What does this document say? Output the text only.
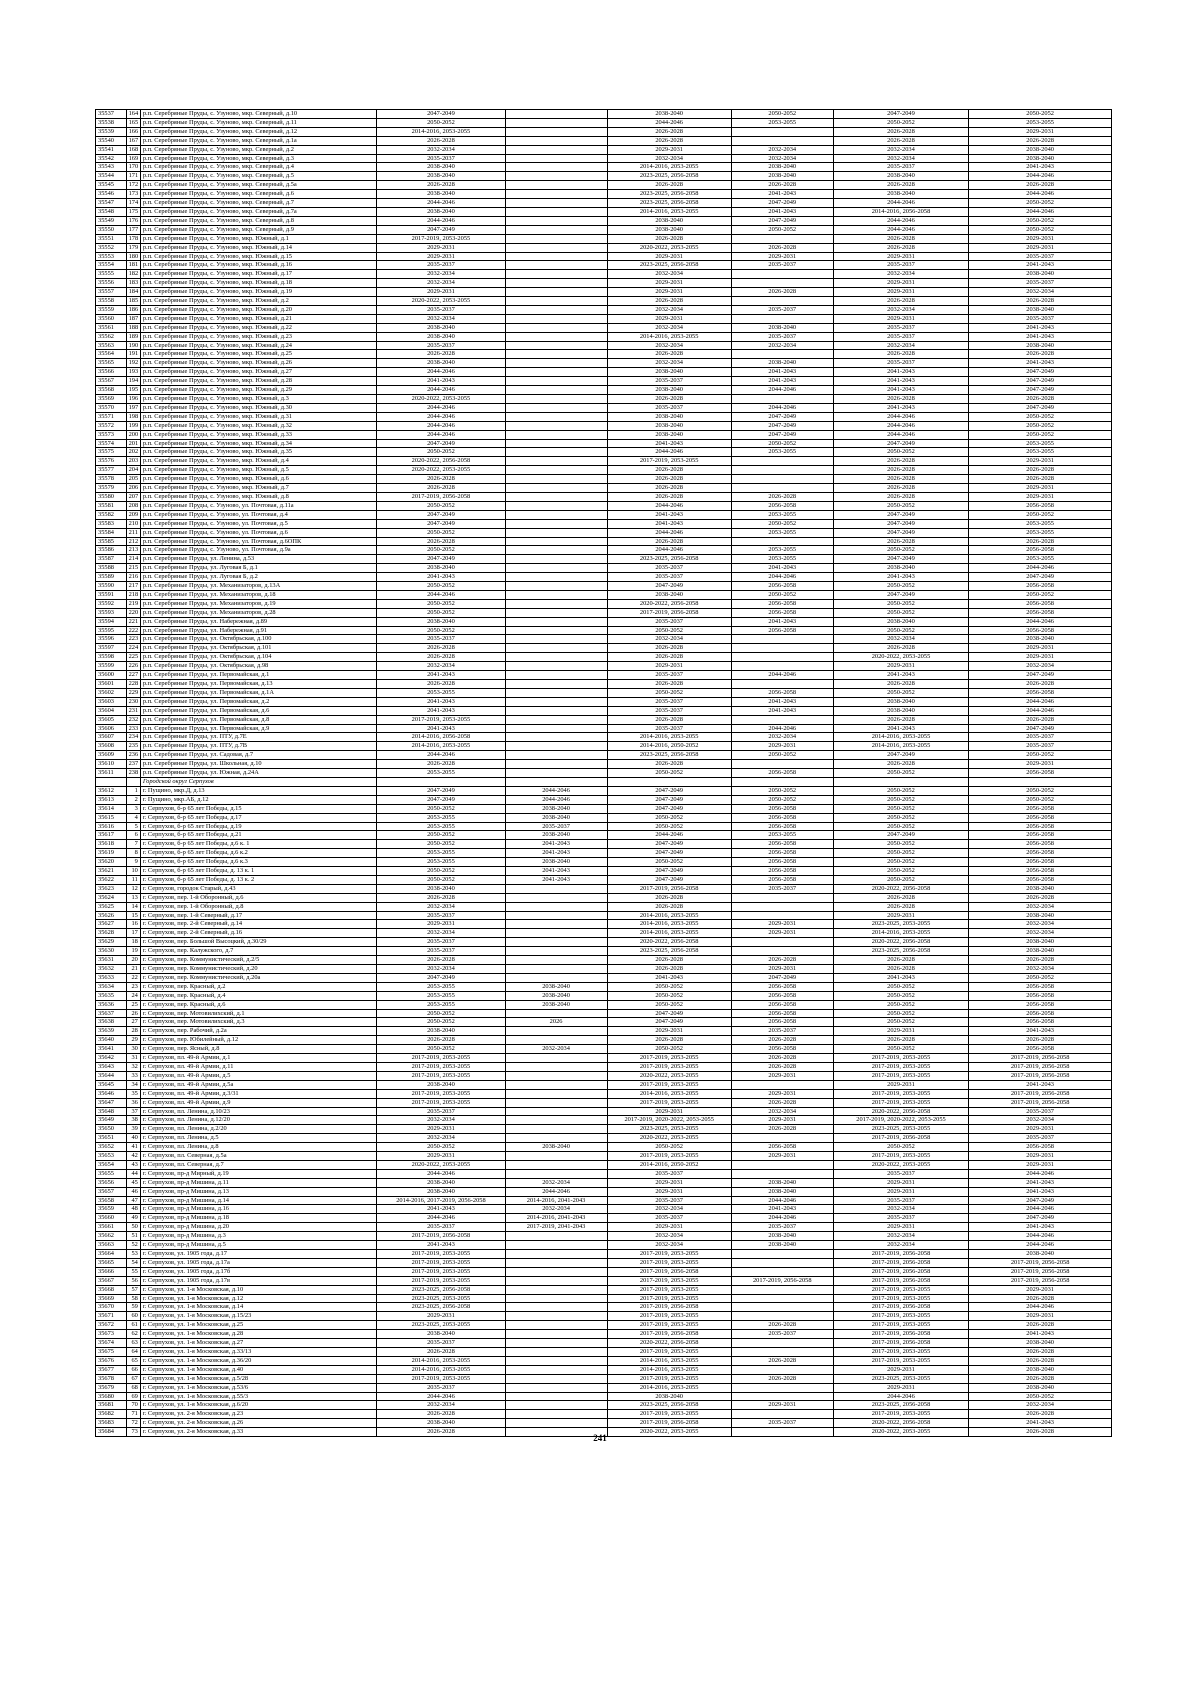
35537	164	р.п. Серебряные Пруды, с. Узуново, мкр. Северный, д.10	2047-2049		2038-2040	2050-2052	2047-2049	2050-2052
35538	165	р.п. Серебряные Пруды, с. Узуново, мкр. Северный, д.11	2050-2052		2044-2046	2053-2055	2050-2052	2053-2055
35539	166	р.п. Серебряные Пруды, с. Узуново, мкр. Северный, д.12	2014-2016, 2053-2055		2026-2028		2026-2028	2029-2031
35540	167	р.п. Серебряные Пруды, с. Узуново, мкр. Северный, д.1а	2026-2028		2026-2028		2026-2028	2026-2028
35541	168	р.п. Серебряные Пруды, с. Узуново, мкр. Северный, д.2	2032-2034		2029-2031	2032-2034	2032-2034	2038-2040
35542	169	р.п. Серебряные Пруды, с. Узуново, мкр. Северный, д.3	2035-2037		2032-2034	2032-2034	2032-2034	2038-2040
35543	170	р.п. Серебряные Пруды, с. Узуново, мкр. Северный, д.4	2038-2040		2014-2016, 2053-2055	2038-2040	2035-2037	2041-2043
35544	171	р.п. Серебряные Пруды, с. Узуново, мкр. Северный, д.5	2038-2040		2023-2025, 2056-2058	2038-2040	2038-2040	2044-2046
35545	172	р.п. Серебряные Пруды, с. Узуново, мкр. Северный, д.5а	2026-2028		2026-2028	2026-2028	2026-2028	2026-2028
35546	173	р.п. Серебряные Пруды, с. Узуново, мкр. Северный, д.6	2038-2040		2023-2025, 2056-2058	2041-2043	2038-2040	2044-2046
35547	174	р.п. Серебряные Пруды, с. Узуново, мкр. Северный, д.7	2044-2046		2023-2025, 2056-2058	2047-2049	2044-2046	2050-2052
35548	175	р.п. Серебряные Пруды, с. Узуново, мкр. Северный, д.7а	2038-2040		2014-2016, 2053-2055	2041-2043	2014-2016, 2056-2058	2044-2046
35549	176	р.п. Серебряные Пруды, с. Узуново, мкр. Северный, д.8	2044-2046		2038-2040	2047-2049	2044-2046	2050-2052
35550	177	р.п. Серебряные Пруды, с. Узуново, мкр. Северный, д.9	2047-2049		2038-2040	2050-2052	2044-2046	2050-2052
35551	178	р.п. Серебряные Пруды, с. Узуново, мкр. Южный, д.1	2017-2019, 2053-2055		2026-2028		2026-2028	2029-2031
35552	179	р.п. Серебряные Пруды, с. Узуново, мкр. Южный, д.14	2029-2031		2020-2022, 2053-2055	2026-2028	2026-2028	2029-2031
35553	180	р.п. Серебряные Пруды, с. Узуново, мкр. Южный, д.15	2029-2031		2029-2031	2029-2031	2029-2031	2035-2037
35554	181	р.п. Серебряные Пруды, с. Узуново, мкр. Южный, д.16	2035-2037		2023-2025, 2056-2058	2035-2037	2035-2037	2041-2043
35555	182	р.п. Серебряные Пруды, с. Узуново, мкр. Южный, д.17	2032-2034		2032-2034		2032-2034	2038-2040
35556	183	р.п. Серебряные Пруды, с. Узуново, мкр. Южный, д.18	2032-2034		2029-2031		2029-2031	2035-2037
35557	184	р.п. Серебряные Пруды, с. Узуново, мкр. Южный, д.19	2029-2031		2029-2031	2026-2028	2029-2031	2032-2034
35558	185	р.п. Серебряные Пруды, с. Узуново, мкр. Южный, д.2	2020-2022, 2053-2055		2026-2028		2026-2028	2026-2028
35559	186	р.п. Серебряные Пруды, с. Узуново, мкр. Южный, д.20	2035-2037		2032-2034	2035-2037	2032-2034	2038-2040
35560	187	р.п. Серебряные Пруды, с. Узуново, мкр. Южный, д.21	2032-2034		2029-2031		2029-2031	2035-2037
35561	188	р.п. Серебряные Пруды, с. Узуново, мкр. Южный, д.22	2038-2040		2032-2034	2038-2040	2035-2037	2041-2043
35562	189	р.п. Серебряные Пруды, с. Узуново, мкр. Южный, д.23	2038-2040		2014-2016, 2053-2055	2035-2037	2035-2037	2041-2043
35563	190	р.п. Серебряные Пруды, с. Узуново, мкр. Южный, д.24	2035-2037		2032-2034	2032-2034	2032-2034	2038-2040
35564	191	р.п. Серебряные Пруды, с. Узуново, мкр. Южный, д.25	2026-2028		2026-2028		2026-2028	2026-2028
35565	192	р.п. Серебряные Пруды, с. Узуново, мкр. Южный, д.26	2038-2040		2032-2034	2038-2040	2035-2037	2041-2043
35566	193	р.п. Серебряные Пруды, с. Узуново, мкр. Южный, д.27	2044-2046		2038-2040	2041-2043	2041-2043	2047-2049
35567	194	р.п. Серебряные Пруды, с. Узуново, мкр. Южный, д.28	2041-2043		2035-2037	2041-2043	2041-2043	2047-2049
35568	195	р.п. Серебряные Пруды, с. Узуново, мкр. Южный, д.29	2044-2046		2038-2040	2044-2046	2041-2043	2047-2049
35569	196	р.п. Серебряные Пруды, с. Узуново, мкр. Южный, д.3	2020-2022, 2053-2055		2026-2028		2026-2028	2026-2028
35570	197	р.п. Серебряные Пруды, с. Узуново, мкр. Южный, д.30	2044-2046		2035-2037	2044-2046	2041-2043	2047-2049
35571	198	р.п. Серебряные Пруды, с. Узуново, мкр. Южный, д.31	2044-2046		2038-2040	2047-2049	2044-2046	2050-2052
35572	199	р.п. Серебряные Пруды, с. Узуново, мкр. Южный, д.32	2044-2046		2038-2040	2047-2049	2044-2046	2050-2052
35573	200	р.п. Серебряные Пруды, с. Узуново, мкр. Южный, д.33	2044-2046		2038-2040	2047-2049	2044-2046	2050-2052
35574	201	р.п. Серебряные Пруды, с. Узуново, мкр. Южный, д.34	2047-2049		2041-2043	2050-2052	2047-2049	2053-2055
35575	202	р.п. Серебряные Пруды, с. Узуново, мкр. Южный, д.35	2050-2052		2044-2046	2053-2055	2050-2052	2053-2055
35576	203	р.п. Серебряные Пруды, с. Узуново, мкр. Южный, д.4	2020-2022, 2056-2058		2017-2019, 2053-2055		2026-2028	2029-2031
35577	204	р.п. Серебряные Пруды, с. Узуново, мкр. Южный, д.5	2020-2022, 2053-2055		2026-2028		2026-2028	2026-2028
35578	205	р.п. Серебряные Пруды, с. Узуново, мкр. Южный, д.6	2026-2028		2026-2028		2026-2028	2026-2028
35579	206	р.п. Серебряные Пруды, с. Узуново, мкр. Южный, д.7	2026-2028		2026-2028		2026-2028	2029-2031
35580	207	р.п. Серебряные Пруды, с. Узуново, мкр. Южный, д.8	2017-2019, 2056-2058		2026-2028	2026-2028	2026-2028	2029-2031
35581	208	р.п. Серебряные Пруды, с. Узуново, ул. Почтовая, д.11а	2050-2052		2044-2046	2056-2058	2050-2052	2056-2058
35582	209	р.п. Серебряные Пруды, с. Узуново, ул. Почтовая, д.4	2047-2049		2041-2043	2053-2055	2047-2049	2050-2052
35583	210	р.п. Серебряные Пруды, с. Узуново, ул. Почтовая, д.5	2047-2049		2041-2043	2050-2052	2047-2049	2053-2055
35584	211	р.п. Серебряные Пруды, с. Узуново, ул. Почтовая, д.6	2050-2052		2044-2046	2053-2055	2047-2049	2053-2055
35585	212	р.п. Серебряные Пруды, с. Узуново, ул. Почтовая, д.6ОПК	2026-2028		2026-2028		2026-2028	2026-2028
35586	213	р.п. Серебряные Пруды, с. Узуново, ул. Почтовая, д.9а	2050-2052		2044-2046	2053-2055	2050-2052	2056-2058
35587	214	р.п. Серебряные Пруды, ул. Ленина, д.53	2047-2049		2023-2025, 2056-2058	2053-2055	2047-2049	2053-2055
35588	215	р.п. Серебряные Пруды, ул. Луговая Б, д.1	2038-2040		2035-2037	2041-2043	2038-2040	2044-2046
35589	216	р.п. Серебряные Пруды, ул. Луговая Б, д.2	2041-2043		2035-2037	2044-2046	2041-2043	2047-2049
35590	217	р.п. Серебряные Пруды, ул. Механизаторов, д.13А	2050-2052		2047-2049	2056-2058	2050-2052	2056-2058
35591	218	р.п. Серебряные Пруды, ул. Механизаторов, д.18	2044-2046		2038-2040	2050-2052	2047-2049	2050-2052
35592	219	р.п. Серебряные Пруды, ул. Механизаторов, д.19	2050-2052		2020-2022, 2056-2058	2056-2058	2050-2052	2056-2058
35593	220	р.п. Серебряные Пруды, ул. Механизаторов, д.28	2050-2052		2017-2019, 2056-2058	2056-2058	2050-2052	2056-2058
35594	221	р.п. Серебряные Пруды, ул. Набережная, д.89	2038-2040		2035-2037	2041-2043	2038-2040	2044-2046
35595	222	р.п. Серебряные Пруды, ул. Набережная, д.91	2050-2052		2050-2052	2056-2058	2050-2052	2056-2058
35596	223	р.п. Серебряные Пруды, ул. Октябрьская, д.100	2035-2037		2032-2034		2032-2034	2038-2040
35597	224	р.п. Серебряные Пруды, ул. Октябрьская, д.101	2026-2028		2026-2028		2026-2028	2029-2031
35598	225	р.п. Серебряные Пруды, ул. Октябрьская, д.104	2026-2028		2026-2028		2020-2022, 2053-2055	2029-2031
35599	226	р.п. Серебряные Пруды, ул. Октябрьская, д.98	2032-2034		2029-2031		2029-2031	2032-2034
35600	227	р.п. Серебряные Пруды, ул. Первомайская, д.1	2041-2043		2035-2037	2044-2046	2041-2043	2047-2049
35601	228	р.п. Серебряные Пруды, ул. Первомайская, д.13	2026-2028		2026-2028		2026-2028	2026-2028
35602	229	р.п. Серебряные Пруды, ул. Первомайская, д.1А	2053-2055		2050-2052	2056-2058	2050-2052	2056-2058
35603	230	р.п. Серебряные Пруды, ул. Первомайская, д.2	2041-2043		2035-2037	2041-2043	2038-2040	2044-2046
35604	231	р.п. Серебряные Пруды, ул. Первомайская, д.6	2041-2043		2035-2037	2041-2043	2038-2040	2044-2046
35605	232	р.п. Серебряные Пруды, ул. Первомайская, д.8	2017-2019, 2053-2055		2026-2028		2026-2028	2026-2028
35606	233	р.п. Серебряные Пруды, ул. Первомайская, д.9	2041-2043		2035-2037	2044-2046	2041-2043	2047-2049
35607	234	р.п. Серебряные Пруды, ул. ПТУ, д.7Е	2014-2016, 2056-2058		2014-2016, 2053-2055	2032-2034	2014-2016, 2053-2055	2035-2037
35608	235	р.п. Серебряные Пруды, ул. ПТУ, д.7В	2014-2016, 2053-2055		2014-2016, 2050-2052	2029-2031	2014-2016, 2053-2055	2035-2037
35609	236	р.п. Серебряные Пруды, ул. Садовая, д.7	2044-2046		2023-2025, 2056-2058	2050-2052	2047-2049	2050-2052
35610	237	р.п. Серебряные Пруды, ул. Школьная, д.10	2026-2028		2026-2028		2026-2028	2029-2031
35611	238	р.п. Серебряные Пруды, ул. Южная, д.24А	2053-2055		2050-2052	2056-2058	2050-2052	2056-2058
		Городской округ Серпухов						
35612	1	г. Пущино, мкр.Д, д.13	2047-2049	2044-2046	2047-2049	2050-2052	2050-2052	2050-2052
35613	2	г. Пущино, мкр.АБ, д.12	2047-2049	2044-2046	2047-2049	2050-2052	2050-2052	2050-2052
35614	3	г. Серпухов, б-р 65 лет Победы, д.15	2050-2052	2038-2040	2047-2049	2056-2058	2050-2052	2056-2058
35615	4	г. Серпухов, б-р 65 лет Победы, д.17	2053-2055	2038-2040	2050-2052	2056-2058	2050-2052	2056-2058
35616	5	г. Серпухов, б-р 65 лет Победы, д.19	2053-2055	2035-2037	2050-2052	2056-2058	2050-2052	2056-2058
35617	6	г. Серпухов, б-р 65 лет Победы, д.21	2050-2052	2038-2040	2044-2046	2053-2055	2047-2049	2056-2058
35618	7	г. Серпухов, б-р 65 лет Победы, д.6 к. 1	2050-2052	2041-2043	2047-2049	2056-2058	2050-2052	2056-2058
35619	8	г. Серпухов, б-р 65 лет Победы, д.6 к.2	2053-2055	2041-2043	2047-2049	2056-2058	2050-2052	2056-2058
35620	9	г. Серпухов, б-р 65 лет Победы, д.6 к.3	2053-2055	2038-2040	2050-2052	2056-2058	2050-2052	2056-2058
35621	10	г. Серпухов, б-р 65 лет Победы, д. 13 к. 1	2050-2052	2041-2043	2047-2049	2056-2058	2050-2052	2056-2058
35622	11	г. Серпухов, б-р 65 лет Победы, д. 13 к. 2	2050-2052	2041-2043	2047-2049	2056-2058	2050-2052	2056-2058
35623	12	г. Серпухов, городок Старый, д.43	2038-2040		2017-2019, 2056-2058	2035-2037	2020-2022, 2056-2058	2038-2040
35624	13	г. Серпухов, пер. 1-й Оборонный, д.6	2026-2028		2026-2028		2026-2028	2026-2028
35625	14	г. Серпухов, пер. 1-й Оборонный, д.8	2032-2034		2026-2028		2026-2028	2032-2034
35626	15	г. Серпухов, пер. 1-й Северный, д.17	2035-2037		2014-2016, 2053-2055		2029-2031	2038-2040
35627	16	г. Серпухов, пер. 2-й Северный, д.14	2029-2031		2014-2016, 2053-2055	2029-2031	2023-2025, 2053-2055	2032-2034
35628	17	г. Серпухов, пер. 2-й Северный, д.16	2032-2034		2014-2016, 2053-2055	2029-2031	2014-2016, 2053-2055	2032-2034
35629	18	г. Серпухов, пер. Большой Высоцкий, д.30/29	2035-2037		2020-2022, 2056-2058		2020-2022, 2056-2058	2038-2040
35630	19	г. Серпухов, пер. Калужского, д.7	2035-2037		2023-2025, 2056-2058		2023-2025, 2056-2058	2038-2040
35631	20	г. Серпухов, пер. Коммунистический, д.2/5	2026-2028		2026-2028	2026-2028	2026-2028	2026-2028
35632	21	г. Серпухов, пер. Коммунистический, д.20	2032-2034		2026-2028	2029-2031	2026-2028	2032-2034
35633	22	г. Серпухов, пер. Коммунистический, д.20а	2047-2049		2041-2043	2047-2049	2041-2043	2050-2052
35634	23	г. Серпухов, пер. Красный, д.2	2053-2055	2038-2040	2050-2052	2056-2058	2050-2052	2056-2058
35635	24	г. Серпухов, пер. Красный, д.4	2053-2055	2038-2040	2050-2052	2056-2058	2050-2052	2056-2058
35636	25	г. Серпухов, пер. Красный, д.6	2053-2055	2038-2040	2050-2052	2056-2058	2050-2052	2056-2058
35637	26	г. Серпухов, пер. Мотовилихский, д.1	2050-2052		2047-2049	2056-2058	2050-2052	2056-2058
35638	27	г. Серпухов, пер. Мотовилихский, д.3	2050-2052	2026	2047-2049	2056-2058	2050-2052	2056-2058
35639	28	г. Серпухов, пер. Рабочий, д.2а	2038-2040		2029-2031	2035-2037	2029-2031	2041-2043
35640	29	г. Серпухов, пер. Юбилейный, д.12	2026-2028		2026-2028	2026-2028	2026-2028	2026-2028
35641	30	г. Серпухов, пер. Ясный, д.8	2050-2052	2032-2034	2050-2052	2056-2058	2050-2052	2056-2058
35642	31	г. Серпухов, пл. 49-й Армии, д.1	2017-2019, 2053-2055		2017-2019, 2053-2055	2026-2028	2017-2019, 2053-2055	2017-2019, 2056-2058
35643	32	г. Серпухов, пл. 49-й Армии, д.11	2017-2019, 2053-2055		2017-2019, 2053-2055	2026-2028	2017-2019, 2053-2055	2017-2019, 2056-2058
35644	33	г. Серпухов, пл. 49-й Армии, д.5	2017-2019, 2053-2055		2020-2022, 2053-2055	2029-2031	2017-2019, 2053-2055	2017-2019, 2056-2058
35645	34	г. Серпухов, пл. 49-й Армии, д.5а	2038-2040		2017-2019, 2053-2055		2029-2031	2041-2043
35646	35	г. Серпухов, пл. 49-й Армии, д.3/31	2017-2019, 2053-2055		2014-2016, 2053-2055	2029-2031	2017-2019, 2053-2055	2017-2019, 2056-2058
35647	36	г. Серпухов, пл. 49-й Армии, д.9	2017-2019, 2053-2055		2017-2019, 2053-2055	2026-2028	2017-2019, 2053-2055	2017-2019, 2056-2058
35648	37	г. Серпухов, пл. Ленина, д.10/23	2035-2037		2029-2031	2032-2034	2020-2022, 2056-2058	2035-2037
35649	38	г. Серпухов, пл. Ленина, д.12/20	2032-2034		2017-2019, 2020-2022, 2053-2055	2029-2031	2017-2019, 2020-2022, 2053-2055	2032-2034
35650	39	г. Серпухов, пл. Ленина, д.2/20	2029-2031		2023-2025, 2053-2055	2026-2028	2023-2025, 2053-2055	2029-2031
35651	40	г. Серпухов, пл. Ленина, д.5	2032-2034		2020-2022, 2053-2055		2017-2019, 2056-2058	2035-2037
35652	41	г. Серпухов, пл. Ленина, д.8	2050-2052	2038-2040	2050-2052	2056-2058	2050-2052	2056-2058
35653	42	г. Серпухов, пл. Северная, д.5а	2029-2031		2017-2019, 2053-2055	2029-2031	2017-2019, 2053-2055	2029-2031
35654	43	г. Серпухов, пл. Северная, д.7	2020-2022, 2053-2055		2014-2016, 2050-2052		2020-2022, 2053-2055	2029-2031
35655	44	г. Серпухов, пр-д Мирный, д.19	2044-2046		2035-2037		2035-2037	2044-2046
35656	45	г. Серпухов, пр-д Мишина, д.11	2038-2040	2032-2034	2029-2031	2038-2040	2029-2031	2041-2043
35657	46	г. Серпухов, пр-д Мишина, д.13	2038-2040	2044-2046	2029-2031	2038-2040	2029-2031	2041-2043
35658	47	г. Серпухов, пр-д Мишина, д.14	2014-2016, 2017-2019, 2056-2058	2014-2016, 2041-2043	2035-2037	2044-2046	2035-2037	2047-2049
35659	48	г. Серпухов, пр-д Мишина, д.16	2041-2043	2032-2034	2032-2034	2041-2043	2032-2034	2044-2046
35660	49	г. Серпухов, пр-д Мишина, д.18	2044-2046	2014-2016, 2041-2043	2035-2037	2044-2046	2035-2037	2047-2049
35661	50	г. Серпухов, пр-д Мишина, д.20	2035-2037	2017-2019, 2041-2043	2029-2031	2035-2037	2029-2031	2041-2043
35662	51	г. Серпухов, пр-д Мишина, д.3	2017-2019, 2056-2058		2032-2034	2038-2040	2032-2034	2044-2046
35663	52	г. Серпухов, пр-д Мишина, д.5	2041-2043		2032-2034	2038-2040	2032-2034	2044-2046
35664	53	г. Серпухов, ул. 1905 года, д.17	2017-2019, 2053-2055		2017-2019, 2053-2055		2017-2019, 2056-2058	2038-2040
35665	54	г. Серпухов, ул. 1905 года, д.17а	2017-2019, 2053-2055		2017-2019, 2053-2055		2017-2019, 2056-2058	2017-2019, 2056-2058
35666	55	г. Серпухов, ул. 1905 года, д.17б	2017-2019, 2053-2055		2017-2019, 2056-2058		2017-2019, 2056-2058	2017-2019, 2056-2058
35667	56	г. Серпухов, ул. 1905 года, д.17в	2017-2019, 2053-2055		2017-2019, 2053-2055	2017-2019, 2056-2058	2017-2019, 2056-2058	2017-2019, 2056-2058
35668	57	г. Серпухов, ул. 1-я Московская, д.10	2023-2025, 2056-2058		2017-2019, 2053-2055		2017-2019, 2053-2055	2029-2031
35669	58	г. Серпухов, ул. 1-я Московская, д.12	2023-2025, 2053-2055		2017-2019, 2053-2055		2017-2019, 2053-2055	2026-2028
35670	59	г. Серпухов, ул. 1-я Московская, д.14	2023-2025, 2056-2058		2017-2019, 2056-2058		2017-2019, 2056-2058	2044-2046
35671	60	г. Серпухов, ул. 1-я Московская, д.15/23	2029-2031		2017-2019, 2053-2055		2017-2019, 2053-2055	2029-2031
35672	61	г. Серпухов, ул. 1-я Московская, д.25	2023-2025, 2053-2055		2017-2019, 2053-2055	2026-2028	2017-2019, 2053-2055	2026-2028
35673	62	г. Серпухов, ул. 1-я Московская, д.28	2038-2040		2017-2019, 2056-2058	2035-2037	2017-2019, 2056-2058	2041-2043
35674	63	г. Серпухов, ул. 1-я Московская, д.27	2035-2037		2020-2022, 2056-2058		2017-2019, 2056-2058	2038-2040
35675	64	г. Серпухов, ул. 1-я Московская, д.33/13	2026-2028		2017-2019, 2053-2055		2017-2019, 2053-2055	2026-2028
35676	65	г. Серпухов, ул. 1-я Московская, д.36/20	2014-2016, 2053-2055		2014-2016, 2053-2055	2026-2028	2017-2019, 2053-2055	2026-2028
35677	66	г. Серпухов, ул. 1-я Московская, д.40	2014-2016, 2053-2055		2014-2016, 2053-2055		2029-2031	2038-2040
35678	67	г. Серпухов, ул. 1-я Московская, д.5/28	2017-2019, 2053-2055		2017-2019, 2053-2055	2026-2028	2023-2025, 2053-2055	2026-2028
35679	68	г. Серпухов, ул. 1-я Московская, д.53/6	2035-2037		2014-2016, 2053-2055		2029-2031	2038-2040
35680	69	г. Серпухов, ул. 1-я Московская, д.55/3	2044-2046		2038-2040		2044-2046	2050-2052
35681	70	г. Серпухов, ул. 1-я Московская, д.6/20	2032-2034		2023-2025, 2056-2058	2029-2031	2023-2025, 2056-2058	2032-2034
35682	71	г. Серпухов, ул. 2-я Московская, д.23	2026-2028		2017-2019, 2053-2055		2017-2019, 2053-2055	2026-2028
35683	72	г. Серпухов, ул. 2-я Московская, д.26	2038-2040		2017-2019, 2056-2058	2035-2037	2020-2022, 2056-2058	2041-2043
35684	73	г. Серпухов, ул. 2-я Московская, д.33	2026-2028		2020-2022, 2053-2055		2020-2022, 2053-2055	2026-2028
241
